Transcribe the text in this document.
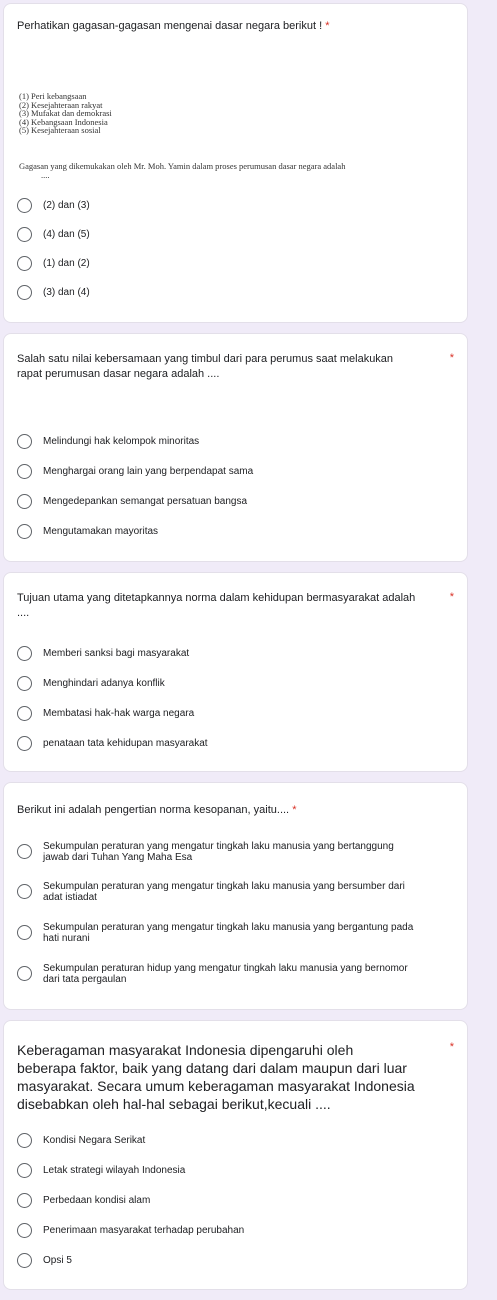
Perhatikan gagasan-gagasan mengenai dasar negara berikut ! *
(1) Peri kebangsaan
(2) Kesejahteraan rakyat
(3) Mufakat dan demokrasi
(4) Kebangsaan Indonesia
(5) Kesejahteraan sosial
Gagasan yang dikemukakan oleh Mr. Moh. Yamin dalam proses perumusan dasar negara adalah
....
(2) dan (3)
(4) dan (5)
(1) dan (2)
(3) dan (4)
Salah satu nilai kebersamaan yang timbul dari para perumus saat melakukan
rapat perumusan dasar negara adalah ....
*
Melindungi hak kelompok minoritas
Menghargai orang lain yang berpendapat sama
Mengedepankan semangat persatuan bangsa
Mengutamakan mayoritas
Tujuan utama yang ditetapkannya norma dalam kehidupan bermasyarakat adalah
....
*
Memberi sanksi bagi masyarakat
Menghindari adanya konflik
Membatasi hak-hak warga negara
penataan tata kehidupan masyarakat
Berikut ini adalah pengertian norma kesopanan, yaitu.... *
Sekumpulan peraturan yang mengatur tingkah laku manusia yang bertanggung
jawab dari Tuhan Yang Maha Esa
Sekumpulan peraturan yang mengatur tingkah laku manusia yang bersumber dari
adat istiadat
Sekumpulan peraturan yang mengatur tingkah laku manusia yang bergantung pada
hati nurani
Sekumpulan peraturan hidup yang mengatur tingkah laku manusia yang bernomor
dari tata pergaulan
Keberagaman masyarakat Indonesia dipengaruhi oleh
beberapa faktor, baik yang datang dari dalam maupun dari luar
masyarakat. Secara umum keberagaman masyarakat Indonesia
disebabkan oleh hal-hal sebagai berikut,kecuali ....
*
Kondisi Negara Serikat
Letak strategi wilayah Indonesia
Perbedaan kondisi alam
Penerimaan masyarakat terhadap perubahan
Opsi 5
